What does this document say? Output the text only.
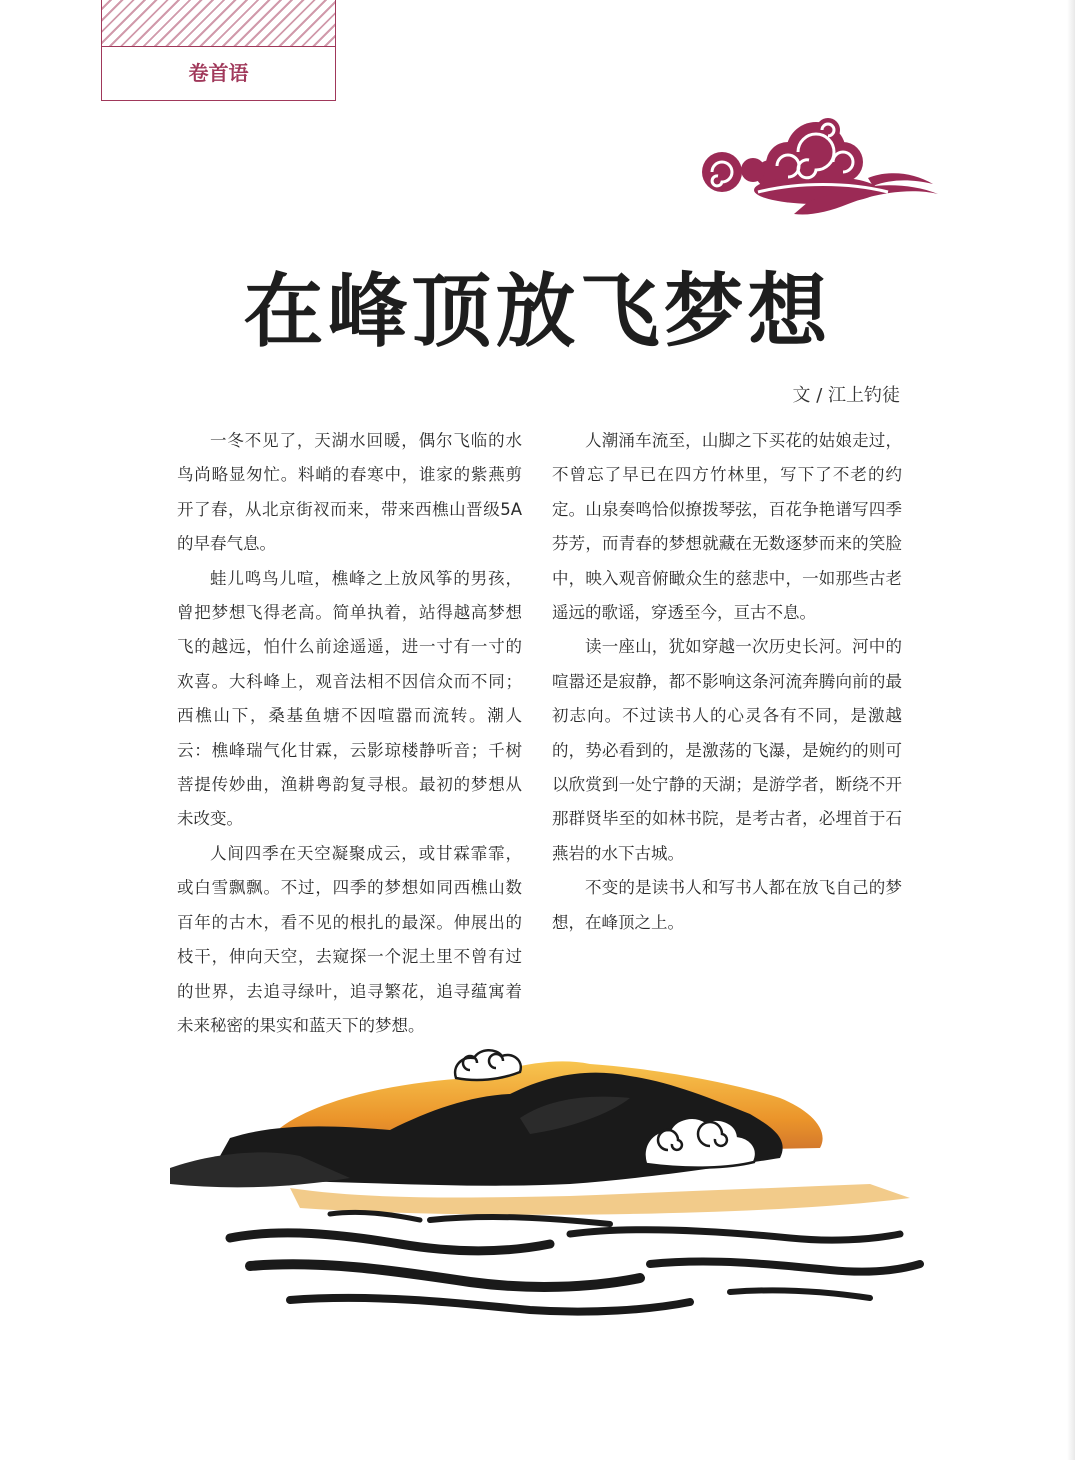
卷首语
在峰顶放飞梦想
文 / 江上钓徒

一冬不见了，天湖水回暖，偶尔飞临的水鸟尚略显匆忙。料峭的春寒中，谁家的紫燕剪开了春，从北京街衩而来，带来西樵山晋级5A的早春气息。

蛙儿鸣鸟儿喧，樵峰之上放风筝的男孩，曾把梦想飞得老高。简单执着，站得越高梦想飞的越远，怕什么前途遥遥，进一寸有一寸的欢喜。大科峰上，观音法相不因信众而不同；西樵山下，桑基鱼塘不因喧嚣而流转。潮人云：樵峰瑞气化甘霖，云影琼楼静听音；千树菩提传妙曲，渔耕粤韵复寻根。最初的梦想从未改变。

人间四季在天空凝聚成云，或甘霖霏霏，或白雪飘飘。不过，四季的梦想如同西樵山数百年的古木，看不见的根扎的最深。伸展出的枝干，伸向天空，去窥探一个泥土里不曾有过的世界，去追寻绿叶，追寻繁花，追寻蕴寓着未来秘密的果实和蓝天下的梦想。

人潮涌车流至，山脚之下买花的姑娘走过，不曾忘了早已在四方竹林里，写下了不老的约定。山泉奏鸣恰似撩拨琴弦，百花争艳谱写四季芬芳，而青春的梦想就藏在无数逐梦而来的笑脸中，映入观音俯瞰众生的慈悲中，一如那些古老遥远的歌谣，穿透至今，亘古不息。

读一座山，犹如穿越一次历史长河。河中的喧嚣还是寂静，都不影响这条河流奔腾向前的最初志向。不过读书人的心灵各有不同，是激越的，势必看到的，是激荡的飞瀑，是婉约的则可以欣赏到一处宁静的天湖；是游学者，断绕不开那群贤毕至的如林书院，是考古者，必埋首于石燕岩的水下古城。

不变的是读书人和写书人都在放飞自己的梦想，在峰顶之上。
